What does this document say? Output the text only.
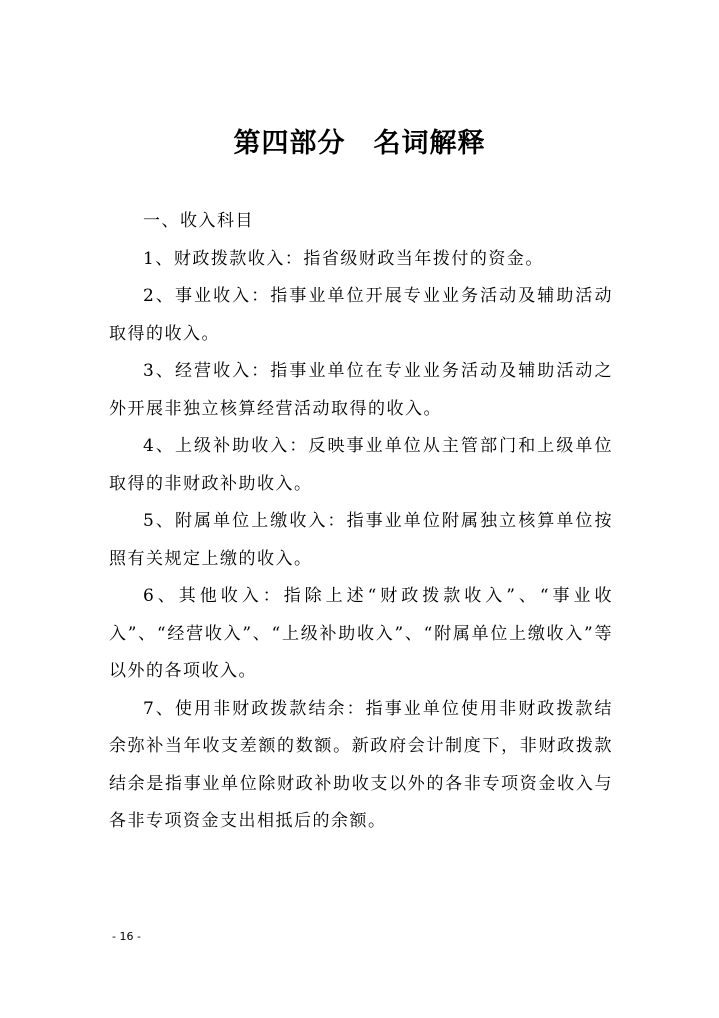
第四部分　名词解释

一、收入科目

1、财政拨款收入：指省级财政当年拨付的资金。

2、事业收入：指事业单位开展专业业务活动及辅助活动取得的收入。

3、经营收入：指事业单位在专业业务活动及辅助活动之外开展非独立核算经营活动取得的收入。

4、上级补助收入：反映事业单位从主管部门和上级单位取得的非财政补助收入。

5、附属单位上缴收入：指事业单位附属独立核算单位按照有关规定上缴的收入。

6、其他收入：指除上述“财政拨款收入”、“事业收入”、“经营收入”、“上级补助收入”、“附属单位上缴收入”等以外的各项收入。

7、使用非财政拨款结余：指事业单位使用非财政拨款结余弥补当年收支差额的数额。新政府会计制度下，非财政拨款结余是指事业单位除财政补助收支以外的各非专项资金收入与各非专项资金支出相抵后的余额。

- 16 -
